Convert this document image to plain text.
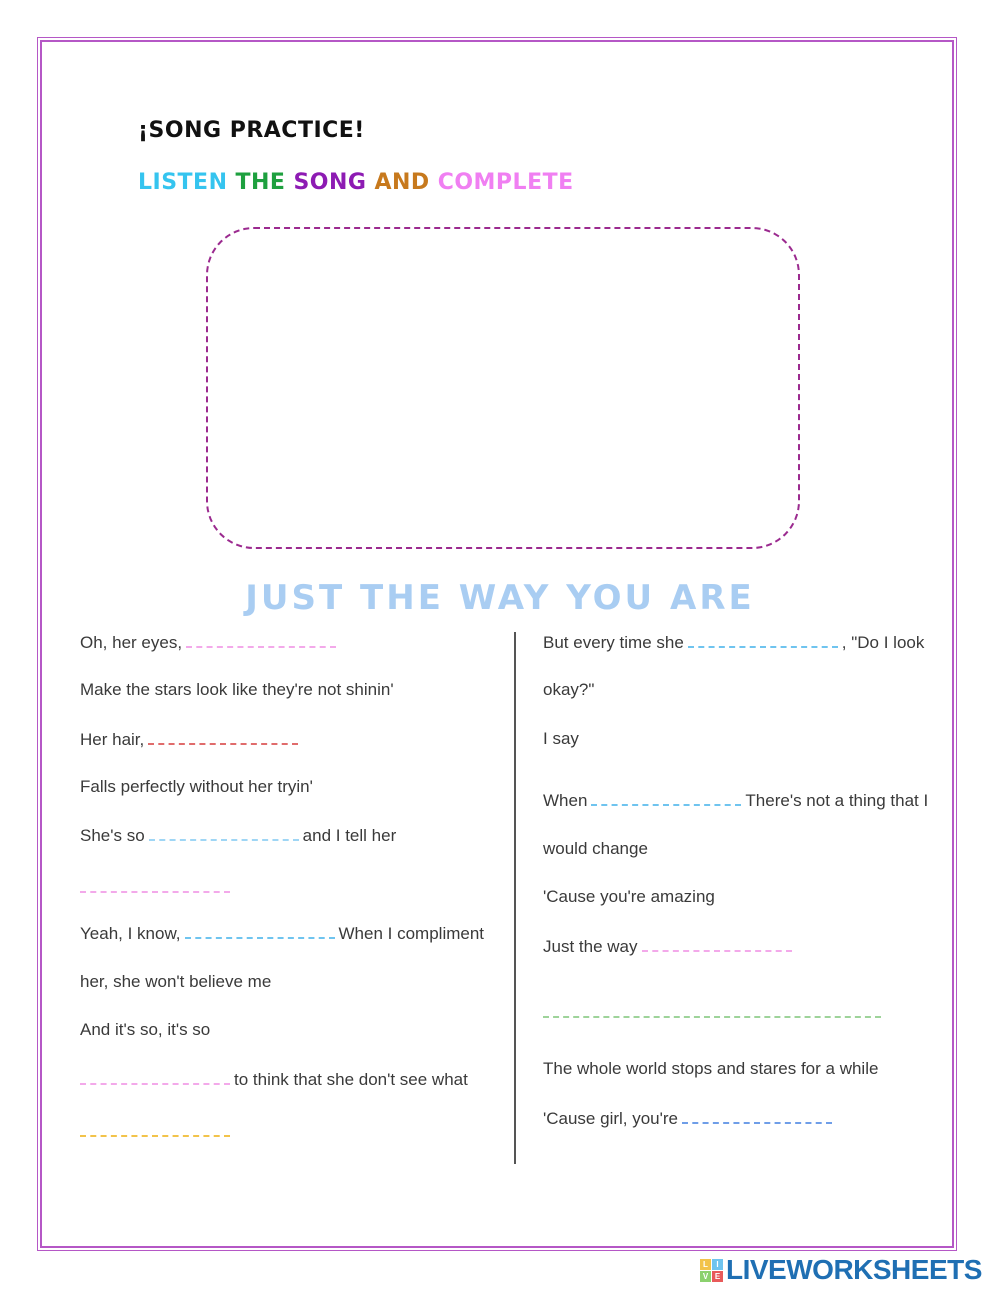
¡SONG PRACTICE!
LISTEN THE SONG AND COMPLETE
JUST THE WAY YOU ARE
L	I
V E LIVEWORKSHEETS
Oh, her eyes,
Make the stars look like they're not shinin'
Her hair,
Falls perfectly without her tryin'
She's so	and I tell her
Yeah, I know,	When I compliment
her, she won't believe me
And it's so, it's so
to think that she don't see what
But every time she	, "Do I look
okay?"
I say
When	There's not a thing that I
would change
'Cause you're amazing
Just the way
The whole world stops and stares for a while
'Cause girl, you're
